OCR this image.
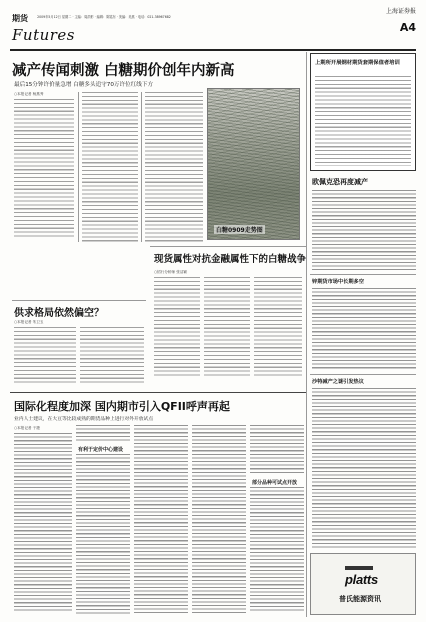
期货	2009年5月12日 星期二 · 主编：周洪彬 · 编辑：陈铭东 · 美编：吴燕 · 电话：021-38967682
Futures
上海证券报
A4
减产传闻刺激 白糖期价创年内新高
最后15分钟许价量急增 白糖多头追守70万许位红线下方
○本报记者 杨燕秀
白糖0909走势图
现货属性对抗金融属性下的白糖战争
○招行分析师 张洁颖
供求格局依然偏空？
○本报记者 朱卫玉
国际化程度加深 国内期市引入QFII呼声再起
业内人士建议，在大豆等比较成熟的期货品种上进行对外开放试点
○本报记者 于捷
有利于定价中心建设
部分品种可试点开放
上期所开展钢材期货套期保值者培训
欧佩克恐再度减产
锌期货市场中长期多空
沙特减产之谜引发热议
platts
普氏能源资讯
